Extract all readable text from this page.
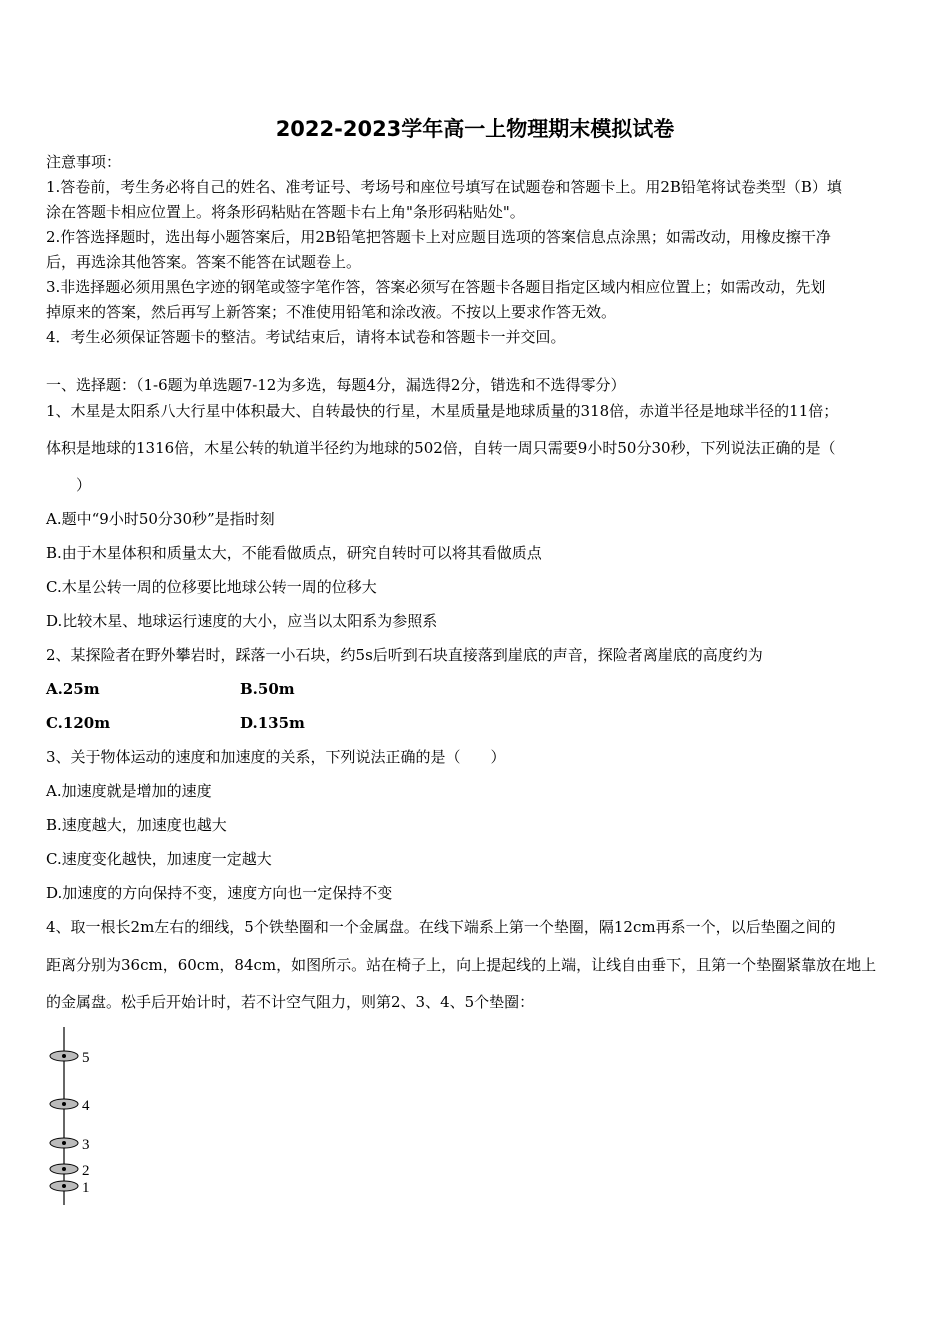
2022-2023学年高一上物理期末模拟试卷
注意事项：
1.答卷前，考生务必将自己的姓名、准考证号、考场号和座位号填写在试题卷和答题卡上。用2B铅笔将试卷类型（B）填
涂在答题卡相应位置上。将条形码粘贴在答题卡右上角"条形码粘贴处"。
2.作答选择题时，选出每小题答案后，用2B铅笔把答题卡上对应题目选项的答案信息点涂黑；如需改动，用橡皮擦干净
后，再选涂其他答案。答案不能答在试题卷上。
3.非选择题必须用黑色字迹的钢笔或签字笔作答，答案必须写在答题卡各题目指定区域内相应位置上；如需改动，先划
掉原来的答案，然后再写上新答案；不准使用铅笔和涂改液。不按以上要求作答无效。
4．考生必须保证答题卡的整洁。考试结束后，请将本试卷和答题卡一并交回。
一、选择题：（1-6题为单选题7-12为多选，每题4分，漏选得2分，错选和不选得零分）
1、木星是太阳系八大行星中体积最大、自转最快的行星，木星质量是地球质量的318倍，赤道半径是地球半径的11倍；
体积是地球的1316倍，木星公转的轨道半径约为地球的502倍，自转一周只需要9小时50分30秒，下列说法正确的是（
）
A.题中“9小时50分30秒”是指时刻
B.由于木星体积和质量太大，不能看做质点，研究自转时可以将其看做质点
C.木星公转一周的位移要比地球公转一周的位移大
D.比较木星、地球运行速度的大小，应当以太阳系为参照系
2、某探险者在野外攀岩时，踩落一小石块，约5s后听到石块直接落到崖底的声音，探险者离崖底的高度约为
A.25m	B.50m
C.120m	D.135m
3、关于物体运动的速度和加速度的关系，下列说法正确的是（　　）
A.加速度就是增加的速度
B.速度越大，加速度也越大
C.速度变化越快，加速度一定越大
D.加速度的方向保持不变，速度方向也一定保持不变
4、取一根长2m左右的细线，5个铁垫圈和一个金属盘。在线下端系上第一个垫圈，隔12cm再系一个，以后垫圈之间的
距离分别为36cm，60cm，84cm，如图所示。站在椅子上，向上提起线的上端，让线自由垂下，且第一个垫圈紧靠放在地上
的金属盘。松手后开始计时，若不计空气阻力，则第2、3、4、5个垫圈：
5
4
3
2
1
